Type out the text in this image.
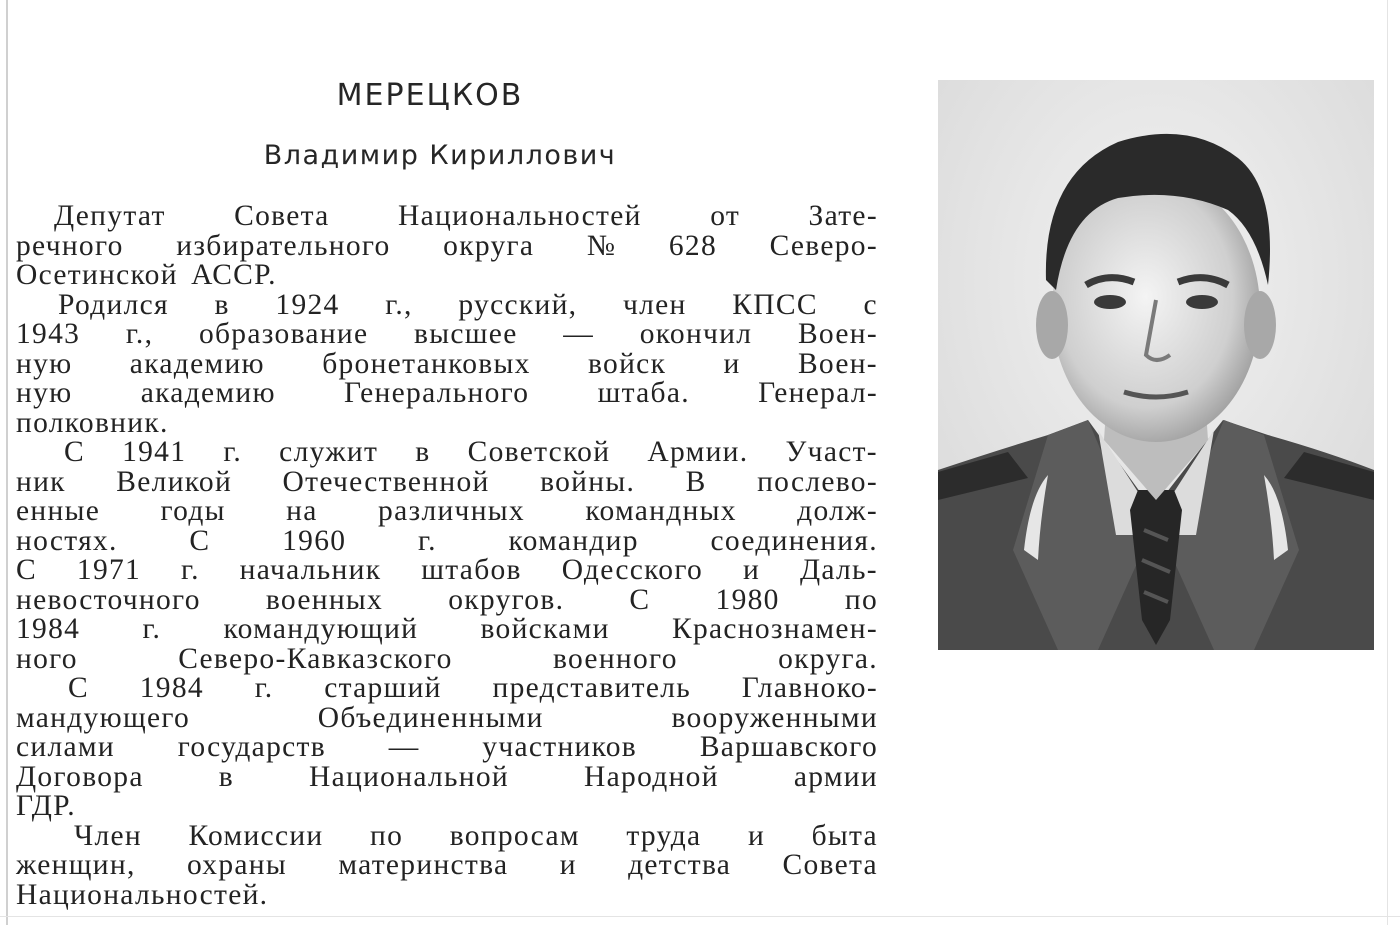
МЕРЕЦКОВ
Владимир Кириллович
Депутат Совета Национальностей от Зате-
речного избирательного округа № 628 Северо-
Осетинской АССР.
Родился в 1924 г., русский, член КПСС с
1943 г., образование высшее — окончил Воен-
ную академию бронетанковых войск и Воен-
ную академию Генерального штаба. Генерал-
полковник.
С 1941 г. служит в Советской Армии. Участ-
ник Великой Отечественной войны. В послево-
енные годы на различных командных долж-
ностях. С 1960 г. командир соединения.
С 1971 г. начальник штабов Одесского и Даль-
невосточного военных округов. С 1980 по
1984 г. командующий войсками Краснознамен-
ного	Северо-Кавказского	военного	округа.
С 1984 г. старший представитель Главноко-
мандующего	Объединенными	вооруженными
силами государств — участников Варшавского
Договора	в	Национальной	Народной	армии
ГДР.
Член Комиссии по вопросам труда и быта
женщин, охраны материнства и детства Совета
Национальностей.
